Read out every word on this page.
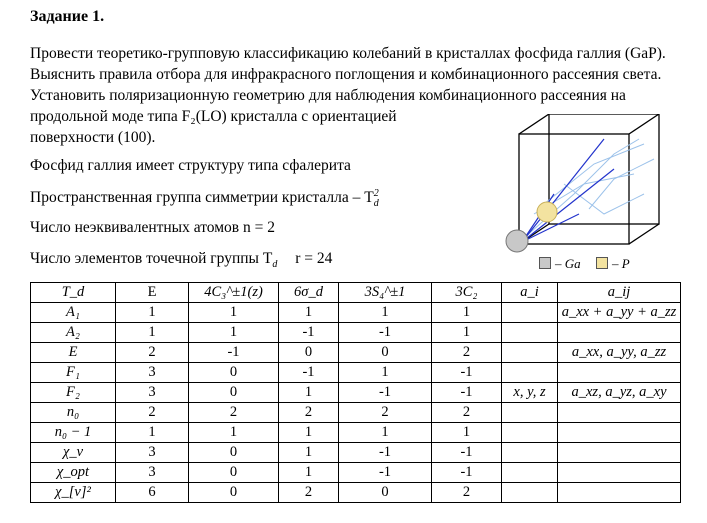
Задание 1.
Провести теоретико-групповую классификацию колебаний в кристаллах фосфида галлия (GaP).
Выяснить правила отбора для инфракрасного поглощения и комбинационного рассеяния света.
Установить поляризационную геометрию для наблюдения комбинационного рассеяния на
продольной моде типа F₂(LO) кристалла с ориентацией
поверхности (100).
Фосфид галлия имеет структуру типа сфалерита
Пространственная группа симметрии кристалла – $T^2_d$
Число неэквивалентных атомов n = 2
Число элементов точечной группы $T_d$ r = 24	– Ga	– P
T_d	E	4C₃^±1(z)	6σ_d	3S₄^±1	3C₂	a_i	a_ij
A₁	1	1	1	1	1		a_xx + a_yy + a_zz
A₂	1	1	-1	-1	1		
E	2	-1	0	0	2		a_xx, a_yy, a_zz
F₁	3	0	-1	1	-1		
F₂	3	0	1	-1	-1	x, y, z	a_xz, a_yz, a_xy
n₀	2	2	2	2	2		
n₀ − 1	1	1	1	1	1		
χ_v	3	0	1	-1	-1		
χ_opt	3	0	1	-1	-1		
χ_[v]²	6	0	2	0	2		
